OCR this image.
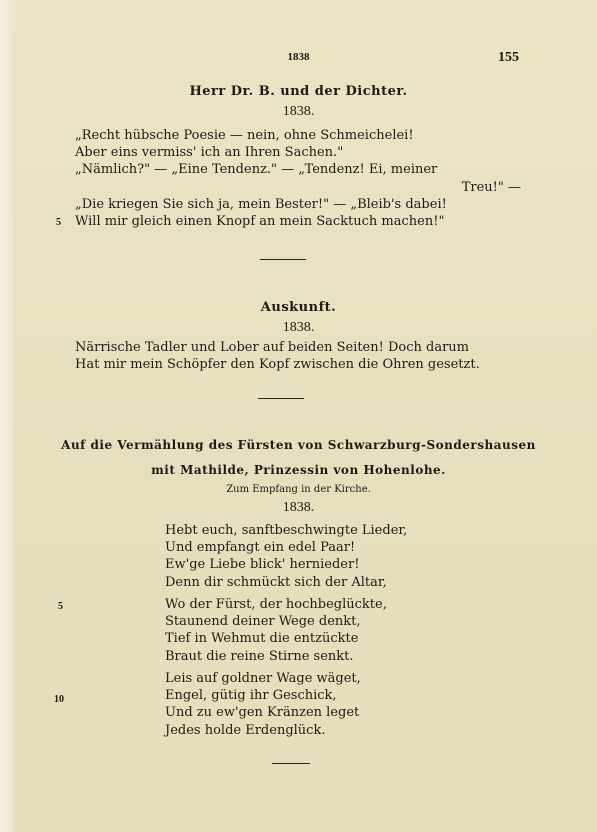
1838	155
Herr Dr. B. und der Dichter.
1838.
„Recht hübsche Poesie — nein, ohne Schmeichelei!
Aber eins vermiss' ich an Ihren Sachen."
„Nämlich?" — „Eine Tendenz." — „Tendenz! Ei, meiner
Treu!" —
„Die kriegen Sie sich ja, mein Bester!" — „Bleib's dabei!
Will mir gleich einen Knopf an mein Sacktuch machen!"
5
Auskunft.
1838.
Närrische Tadler und Lober auf beiden Seiten! Doch darum
Hat mir mein Schöpfer den Kopf zwischen die Ohren gesetzt.
Auf die Vermählung des Fürsten von Schwarzburg-Sondershausen
mit Mathilde, Prinzessin von Hohenlohe.
Zum Empfang in der Kirche.
1838.
Hebt euch, sanftbeschwingte Lieder,
Und empfangt ein edel Paar!
Ew'ge Liebe blick' hernieder!
Denn dir schmückt sich der Altar,
Wo der Fürst, der hochbeglückte,
Staunend deiner Wege denkt,
Tief in Wehmut die entzückte
Braut die reine Stirne senkt.
5
Leis auf goldner Wage wäget,
Engel, gütig ihr Geschick,
Und zu ew'gen Kränzen leget
Jedes holde Erdenglück.
10
